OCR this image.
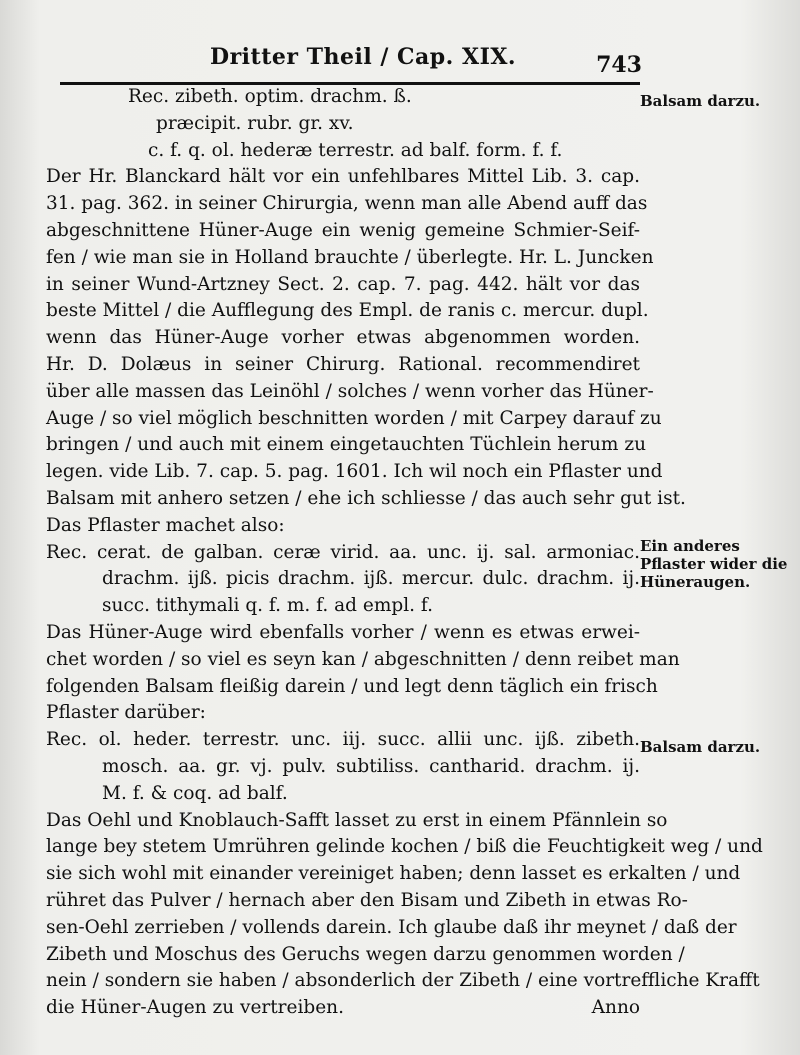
Dritter Theil / Cap. XIX.	743
Balsam darzu.
Ein anderes Pflaster wider die Hüneraugen.
Balsam darzu.
Rec. zibeth. optim. drachm. ß.
præcipit. rubr. gr. xv.
c. f. q. ol. hederæ terrestr. ad balf. form. f. f.
Der Hr. Blanckard hält vor ein unfehlbares Mittel Lib. 3. cap.
31. pag. 362. in seiner Chirurgia, wenn man alle Abend auff das
abgeschnittene Hüner-Auge ein wenig gemeine Schmier-Seif-
fen / wie man sie in Holland brauchte / überlegte. Hr. L. Juncken
in seiner Wund-Artzney Sect. 2. cap. 7. pag. 442. hält vor das
beste Mittel / die Aufflegung des Empl. de ranis c. mercur. dupl.
wenn das Hüner-Auge vorher etwas abgenommen worden.
Hr. D. Dolæus in seiner Chirurg. Rational. recommendiret
über alle massen das Leinöhl / solches / wenn vorher das Hüner-
Auge / so viel möglich beschnitten worden / mit Carpey darauf zu
bringen / und auch mit einem eingetauchten Tüchlein herum zu
legen. vide Lib. 7. cap. 5. pag. 1601. Ich wil noch ein Pflaster und
Balsam mit anhero setzen / ehe ich schliesse / das auch sehr gut ist.
Das Pflaster machet also:
Rec. cerat. de galban. ceræ virid. aa. unc. ij. sal. armoniac.
drachm. ijß. picis drachm. ijß. mercur. dulc. drachm. ij.
succ. tithymali q. f. m. f. ad empl. f.
Das Hüner-Auge wird ebenfalls vorher / wenn es etwas erwei-
chet worden / so viel es seyn kan / abgeschnitten / denn reibet man
folgenden Balsam fleißig darein / und legt denn täglich ein frisch
Pflaster darüber:
Rec. ol. heder. terrestr. unc. iij. succ. allii unc. ijß. zibeth.
mosch. aa. gr. vj. pulv. subtiliss. cantharid. drachm. ij.
M. f. & coq. ad balf.
Das Oehl und Knoblauch-Safft lasset zu erst in einem Pfännlein so
lange bey stetem Umrühren gelinde kochen / biß die Feuchtigkeit weg / und
sie sich wohl mit einander vereiniget haben; denn lasset es erkalten / und
rühret das Pulver / hernach aber den Bisam und Zibeth in etwas Ro-
sen-Oehl zerrieben / vollends darein. Ich glaube daß ihr meynet / daß der
Zibeth und Moschus des Geruchs wegen darzu genommen worden /
nein / sondern sie haben / absonderlich der Zibeth / eine vortreffliche Krafft
die Hüner-Augen zu vertreiben.	Anno
